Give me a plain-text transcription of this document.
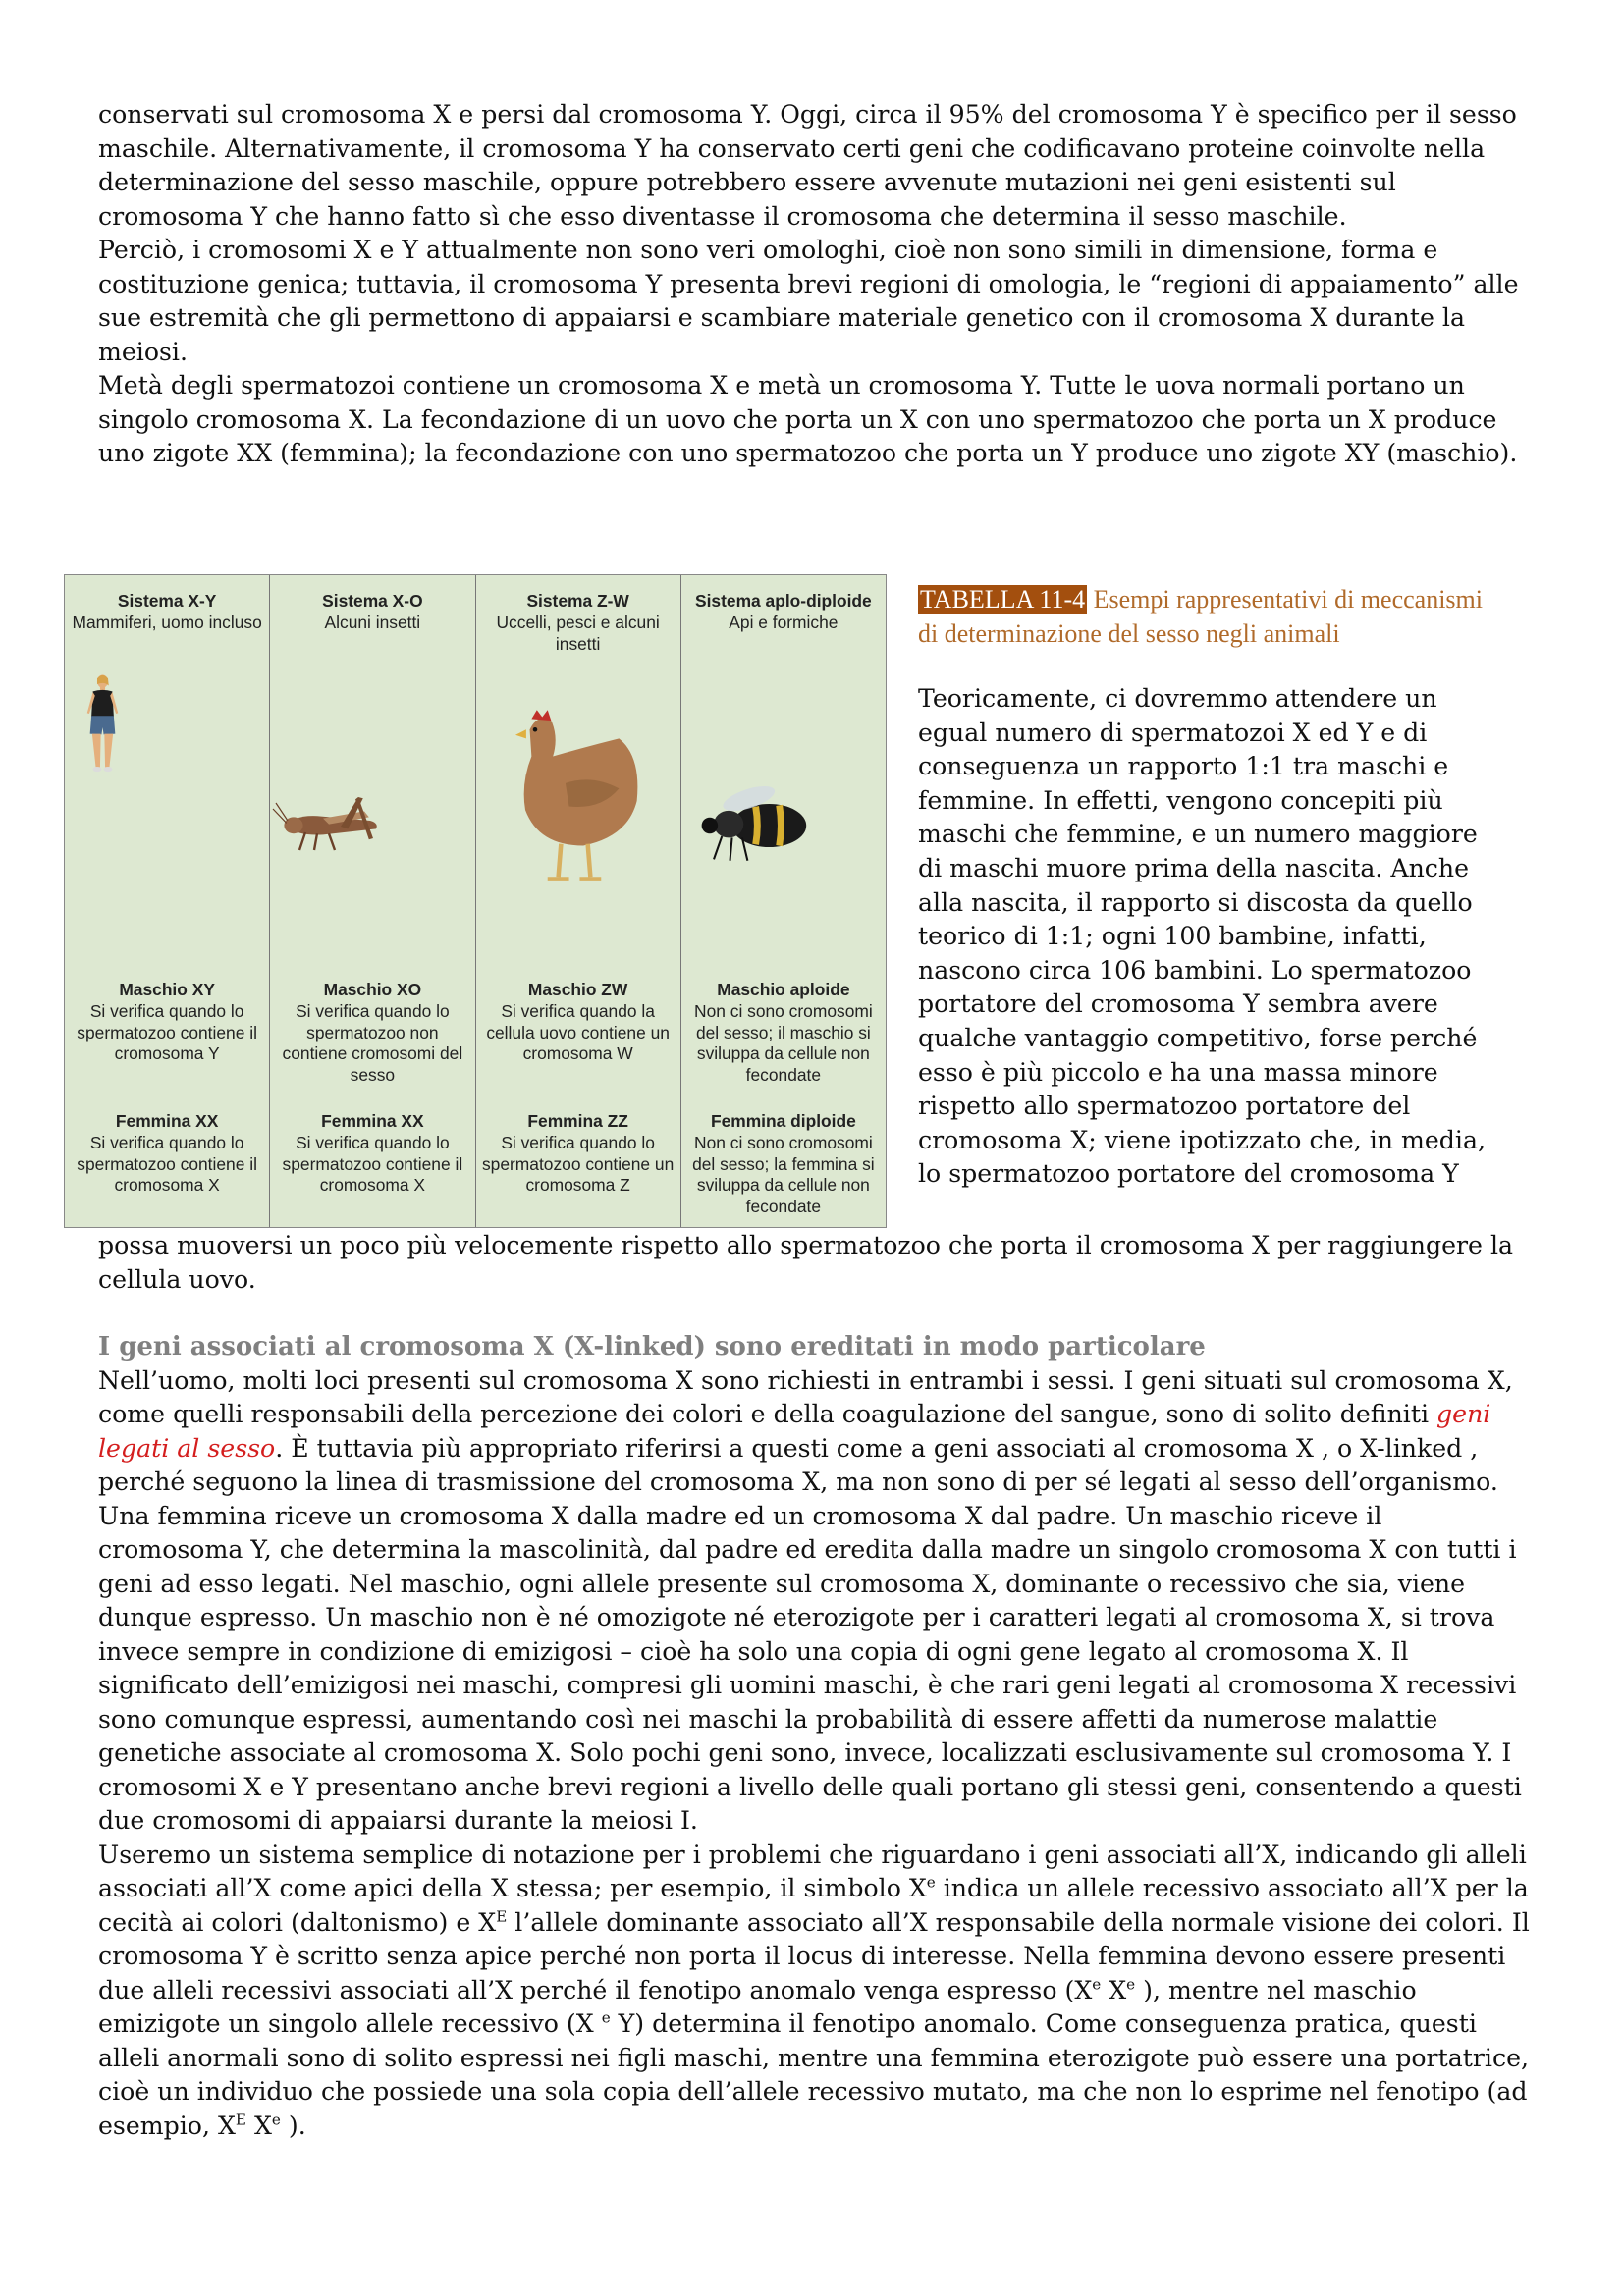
conservati sul cromosoma X e persi dal cromosoma Y. Oggi, circa il 95% del cromosoma Y è specifico per il sesso maschile. Alternativamente, il cromosoma Y ha conservato certi geni che codificavano proteine coinvolte nella determinazione del sesso maschile, oppure potrebbero essere avvenute mutazioni nei geni esistenti sul cromosoma Y che hanno fatto sì che esso diventasse il cromosoma che determina il sesso maschile.

Perciò, i cromosomi X e Y attualmente non sono veri omologhi, cioè non sono simili in dimensione, forma e costituzione genica; tuttavia, il cromosoma Y presenta brevi regioni di omologia, le “regioni di appaiamento” alle sue estremità che gli permettono di appaiarsi e scambiare materiale genetico con il cromosoma X durante la meiosi.

Metà degli spermatozoi contiene un cromosoma X e metà un cromosoma Y. Tutte le uova normali portano un singolo cromosoma X. La fecondazione di un uovo che porta un X con uno spermatozoo che porta un X produce uno zigote XX (femmina); la fecondazione con uno spermatozoo che porta un Y produce uno zigote XY (maschio).

Sistema X-Y
Mammiferi, uomo incluso
Maschio XY
Si verifica quando lo spermatozoo contiene il cromosoma Y
Femmina XX
Si verifica quando lo spermatozoo contiene il cromosoma X
Sistema X-O
Alcuni insetti
Maschio XO
Si verifica quando lo spermatozoo non contiene cromosomi del sesso
Femmina XX
Si verifica quando lo spermatozoo contiene il cromosoma X
Sistema Z-W
Uccelli, pesci e alcuni insetti
Maschio ZW
Si verifica quando la cellula uovo contiene un cromosoma W
Femmina ZZ
Si verifica quando lo spermatozoo contiene un cromosoma Z
Sistema aplo-diploide
Api e formiche
Maschio aploide
Non ci sono cromosomi del sesso; il maschio si sviluppa da cellule non fecondate
Femmina diploide
Non ci sono cromosomi del sesso; la femmina si sviluppa da cellule non fecondate
TABELLA 11-4 Esempi rappresentativi di meccanismi di determinazione del sesso negli animali
Teoricamente, ci dovremmo attendere un egual numero di spermatozoi X ed Y e di conseguenza un rapporto 1:1 tra maschi e femmine. In effetti, vengono concepiti più maschi che femmine, e un numero maggiore di maschi muore prima della nascita. Anche alla nascita, il rapporto si discosta da quello teorico di 1:1; ogni 100 bambine, infatti, nascono circa 106 bambini. Lo spermatozoo portatore del cromosoma Y sembra avere qualche vantaggio competitivo, forse perché esso è più piccolo e ha una massa minore rispetto allo spermatozoo portatore del cromosoma X; viene ipotizzato che, in media, lo spermatozoo portatore del cromosoma Y

possa muoversi un poco più velocemente rispetto allo spermatozoo che porta il cromosoma X per raggiungere la cellula uovo.

I geni associati al cromosoma X (X-linked) sono ereditati in modo particolare

Nell’uomo, molti loci presenti sul cromosoma X sono richiesti in entrambi i sessi. I geni situati sul cromosoma X, come quelli responsabili della percezione dei colori e della coagulazione del sangue, sono di solito definiti geni legati al sesso. È tuttavia più appropriato riferirsi a questi come a geni associati al cromosoma X , o X-linked , perché seguono la linea di trasmissione del cromosoma X, ma non sono di per sé legati al sesso dell’organismo.

Una femmina riceve un cromosoma X dalla madre ed un cromosoma X dal padre. Un maschio riceve il cromosoma Y, che determina la mascolinità, dal padre ed eredita dalla madre un singolo cromosoma X con tutti i geni ad esso legati. Nel maschio, ogni allele presente sul cromosoma X, dominante o recessivo che sia, viene dunque espresso. Un maschio non è né omozigote né eterozigote per i caratteri legati al cromosoma X, si trova invece sempre in condizione di emizigosi – cioè ha solo una copia di ogni gene legato al cromosoma X. Il significato dell’emizigosi nei maschi, compresi gli uomini maschi, è che rari geni legati al cromosoma X recessivi sono comunque espressi, aumentando così nei maschi la probabilità di essere affetti da numerose malattie genetiche associate al cromosoma X. Solo pochi geni sono, invece, localizzati esclusivamente sul cromosoma Y. I cromosomi X e Y presentano anche brevi regioni a livello delle quali portano gli stessi geni, consentendo a questi due cromosomi di appaiarsi durante la meiosi I.

Useremo un sistema semplice di notazione per i problemi che riguardano i geni associati all’X, indicando gli alleli associati all’X come apici della X stessa; per esempio, il simbolo Xe indica un allele recessivo associato all’X per la cecità ai colori (daltonismo) e $X^E$ l’allele dominante associato all’X responsabile della normale visione dei colori. Il cromosoma Y è scritto senza apice perché non porta il locus di interesse. Nella femmina devono essere presenti due alleli recessivi associati all’X perché il fenotipo anomalo venga espresso (Xe Xe ), mentre nel maschio emizigote un singolo allele recessivo (X $^e$ Y) determina il fenotipo anomalo. Come conseguenza pratica, questi alleli anormali sono di solito espressi nei figli maschi, mentre una femmina eterozigote può essere una portatrice, cioè un individuo che possiede una sola copia dell’allele recessivo mutato, ma che non lo esprime nel fenotipo (ad esempio, $X^E$ Xe ).
